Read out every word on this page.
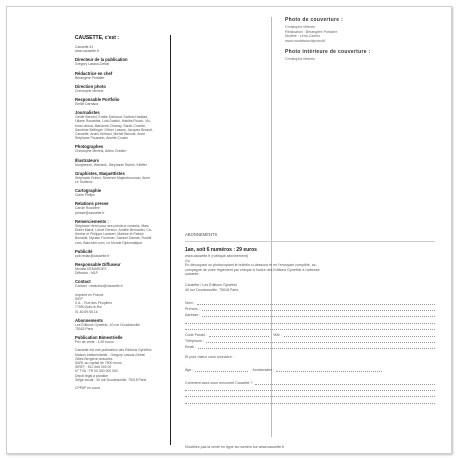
CAUSETTE, c'est :
Causette #1
www.causette.fr
Directeur de la publication
Grégory Lassus-Debat
Rédactrice en chef
Bérangère Portalier
Direction photo
Christophe Meireis
Responsable Portfolio
Emilie Darnaud
Journalistes
Cécile Benoist, Emilie Darnaud, Karima Haddad,
Liliane Rouabhia, Lola Dastini, Habiba Rouch, Vic-
toria Latosa, Marianne Charray, Sarah Cozette,
Sandrine Bellinger, Olivier Lassus, Jacques Breault,
Causette, Anaïs Kerbaol, Michel Benoist, Anne
Stéphane Poussein, Amelie Cousin
Photographes
Christophe Meireis, Arthur Dreider
Illustrateurs
Morgheson, Wiedeck, Stéphanie Rubini, Klieffer
Graphistes, Maquettistes
Stéphanie Rubini, Séverine Majembouondo, Anne
Le Guillevic
Cartographie
Claire Philips
Relations presse
Carole Roudière
presse@causette.fr
Remerciements :
Stéphane Henri pour ses précieux conseils, Marc
Didier Mardi, Lionel Derieux, Amélie Bernardin, Ca-
thérine et Philippe Lambert, Martine et Patrick
Bonaiuti, Myriam Fourmier, Samuel Damas, Rudolf
com, Bakchich.com, Le Monde Diplomatique.
Publicité
pub.redac@causette.fr
Responsable Diffuseur
Nicolas DEMARGES
Diffusion : MLP
Contact
Contact : redaction@causette.fr
Imprimé en France
SIEP
Z.A. - Rue des Peupliers
77590 Bois-le-Roi
01.60.69.56.16
Abonnements
Les Éditions Gynethic, 40 rue Doudeauville
75018 Paris
Publication Bimestrielle
Prix de vente : 4,90 euros
Causette est une publication des Éditions Gynethic
Maison indépendante - Grégory Lassus-Debat
Gilles Bergeron associés
SARL au capital de 7500 euros
SIRET : 512 ### 000 00
N° TVA : FR 00 000 000 000
Dépôt légal à parution
Siège social : 40 rue Doudeauville, 75018 Paris
CPPAP en cours
Photo de couverture :
Christophe Meireis
Réalisation : Bérangère Portalier
Modèle : Lena Cazino
www.modelsoncitycom/#/
Photo intérieure de couverture :
Christophe Meireis
ABONNEMENTS
1an, soit 6 numéros : 29 euros
www.causette.fr (rubrique abonnement)
Ou
En découpant ou photocopiant le bulletin ci-dessous et en l'envoyant complété, ac-
compagné de votre règlement par chèque à l'ordre des Editions Gynethic à l'adresse
suivante :
Causette / Les Éditions Gynethic
40 rue Doudeauville, 75018 Paris
Nom :
Prénom :
Adresse :
Code Postal :	Ville :
Téléphone :
Email :
Et pour mieux vous connaître :
Âge :	Anniversaire :
Comment avez-vous rencontré Causette ?
N'oubliez pas la vente en ligne au numéro sur www.causette.fr
